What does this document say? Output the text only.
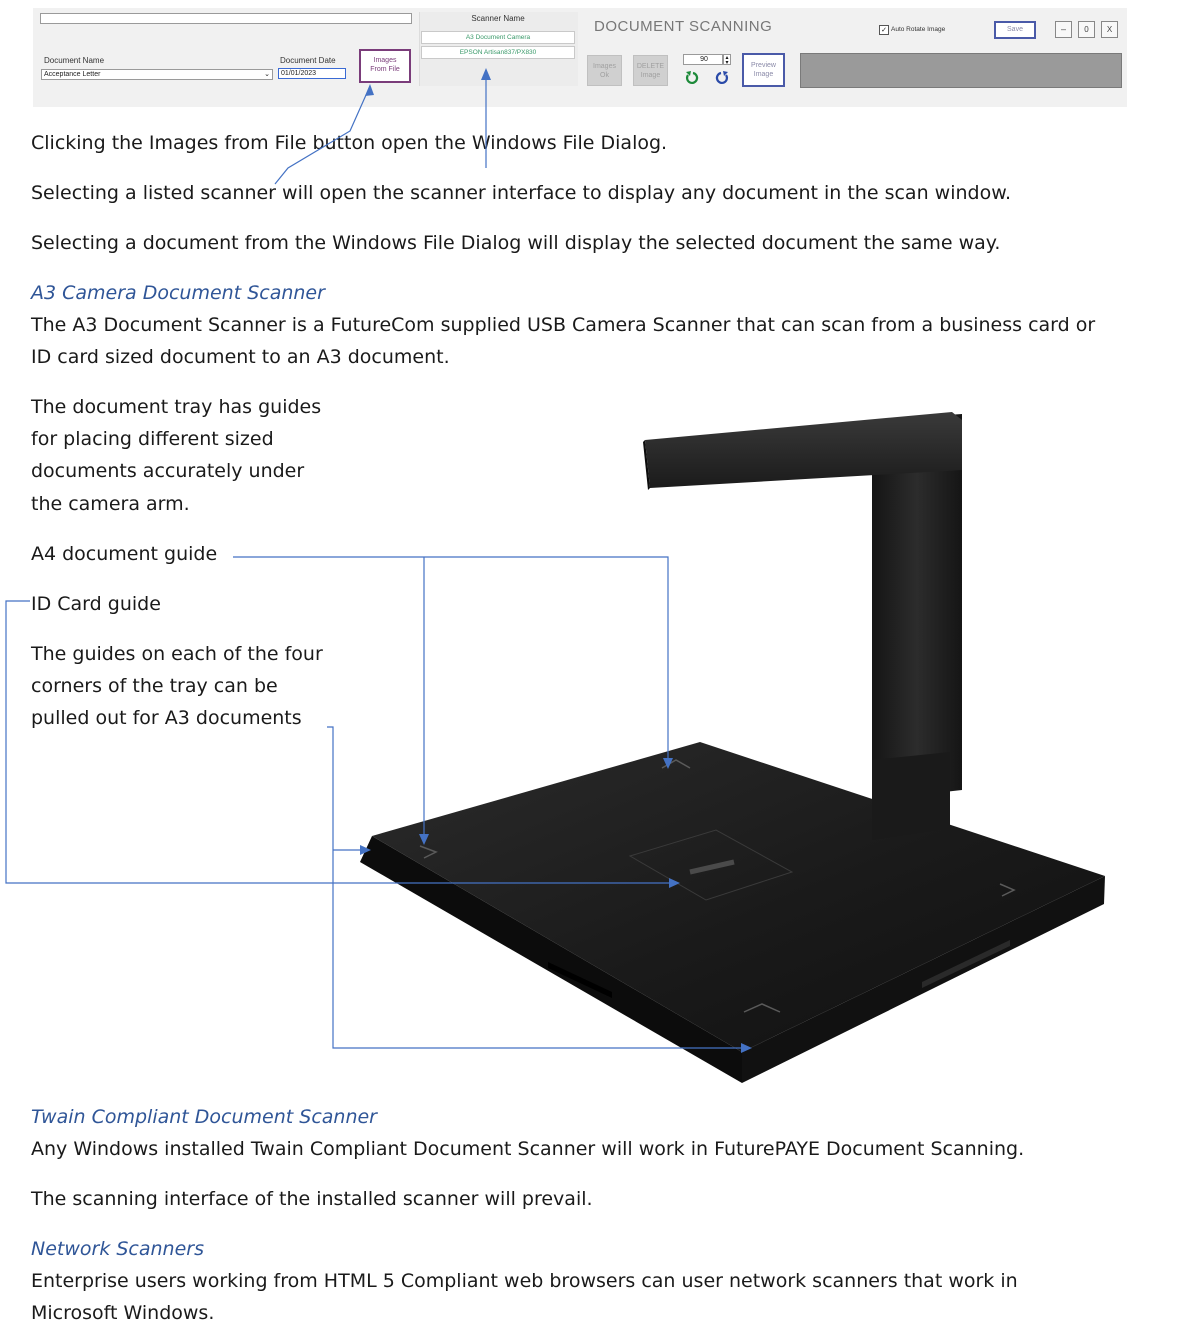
Document Name
Acceptance Letter	⌄
Document Date
01/01/2023
Images
From File
Scanner Name
A3 Document Camera
EPSON Artisan837/PX830
DOCUMENT SCANNING	✓ Auto Rotate Image	Save	–	0	X
Images
Ok
DELETE
Image
90	▴
▾	Preview
Image
Clicking the Images from File button open the Windows File Dialog.
Selecting a listed scanner will open the scanner interface to display any document in the scan window.
Selecting a document from the Windows File Dialog will display the selected document the same way.
A3 Camera Document Scanner
The A3 Document Scanner is a FutureCom supplied USB Camera Scanner that can scan from a business card or
ID card sized document to an A3 document.
The document tray has guides
for placing different sized
documents accurately under
the camera arm.
A4 document guide
ID Card guide
The guides on each of the four
corners of the tray can be
pulled out for A3 documents
Twain Compliant Document Scanner
Any Windows installed Twain Compliant Document Scanner will work in FuturePAYE Document Scanning.
The scanning interface of the installed scanner will prevail.
Network Scanners
Enterprise users working from HTML 5 Compliant web browsers can user network scanners that work in
Microsoft Windows.
